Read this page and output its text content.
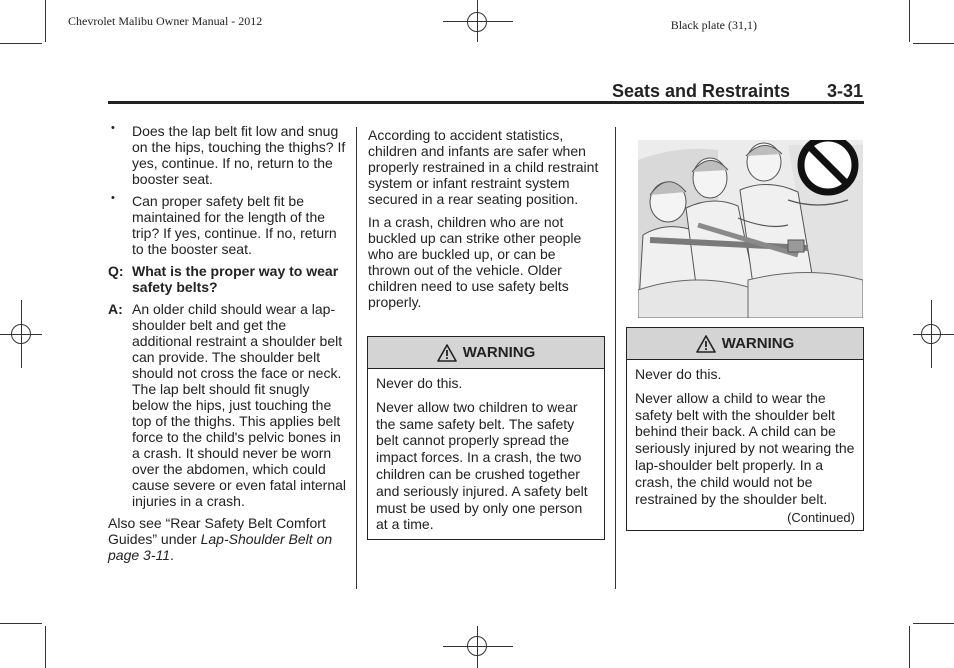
Chevrolet Malibu Owner Manual - 2012	Black plate (31,1)
Seats and Restraints 3-31
• Does the lap belt fit low and snug on the hips, touching the thighs? If yes, continue. If no, return to the booster seat.
• Can proper safety belt fit be maintained for the length of the trip? If yes, continue. If no, return to the booster seat.
Q: What is the proper way to wear safety belts?
A: An older child should wear a lap-shoulder belt and get the additional restraint a shoulder belt can provide. The shoulder belt should not cross the face or neck. The lap belt should fit snugly below the hips, just touching the top of the thighs. This applies belt force to the child's pelvic bones in a crash. It should never be worn over the abdomen, which could cause severe or even fatal internal injuries in a crash.
Also see “Rear Safety Belt Comfort Guides” under Lap-Shoulder Belt on page 3-11.

According to accident statistics, children and infants are safer when properly restrained in a child restraint system or infant restraint system secured in a rear seating position.

In a crash, children who are not buckled up can strike other people who are buckled up, or can be thrown out of the vehicle. Older children need to use safety belts properly.

WARNING

Never do this.

Never allow two children to wear the same safety belt. The safety belt cannot properly spread the impact forces. In a crash, the two children can be crushed together and seriously injured. A safety belt must be used by only one person at a time.

WARNING

Never do this.

Never allow a child to wear the safety belt with the shoulder belt behind their back. A child can be seriously injured by not wearing the lap-shoulder belt properly. In a crash, the child would not be restrained by the shoulder belt.

(Continued)
